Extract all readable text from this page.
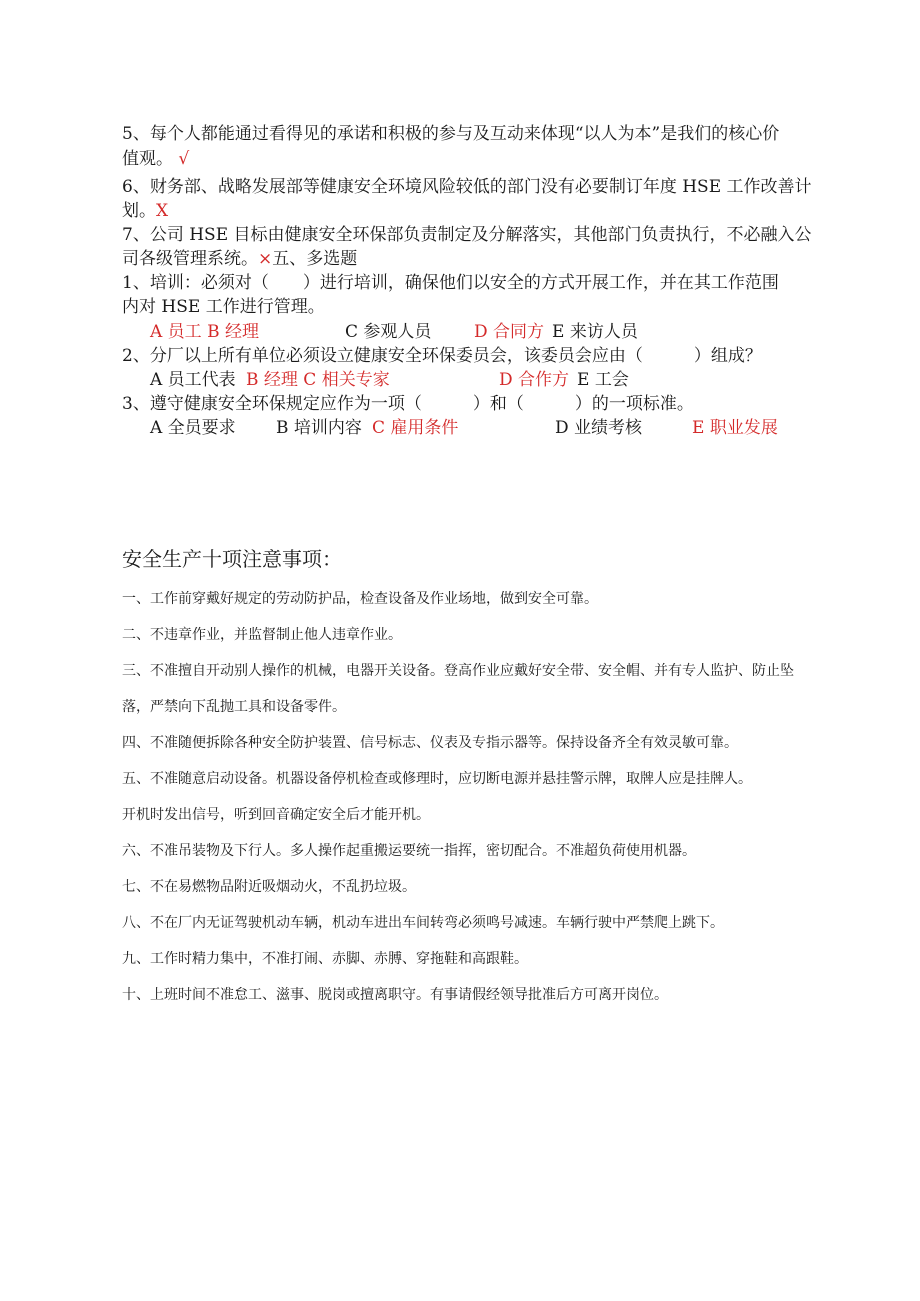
5、每个人都能通过看得见的承诺和积极的参与及互动来体现“以人为本”是我们的核心价
值观。 √
6、财务部、战略发展部等健康安全环境风险较低的部门没有必要制订年度 HSE 工作改善计
划。X
7、公司 HSE 目标由健康安全环保部负责制定及分解落实，其他部门负责执行，不必融入公
司各级管理系统。×五、多选题
1、培训：必须对（　　）进行培训，确保他们以安全的方式开展工作，并在其工作范围
内对 HSE 工作进行管理。
A 员工 B 经理	C 参观人员	D 合同方 E 来访人员
2、分厂以上所有单位必须设立健康安全环保委员会，该委员会应由（　　　）组成？
A 员工代表 B 经理 C 相关专家	D 合作方 E 工会
3、遵守健康安全环保规定应作为一项（　　　）和（　　　）的一项标准。
A 全员要求 B 培训内容 C 雇用条件	D 业绩考核	E 职业发展
安全生产十项注意事项：
一、工作前穿戴好规定的劳动防护品，检查设备及作业场地，做到安全可靠。
二、不违章作业，并监督制止他人违章作业。
三、不准擅自开动别人操作的机械，电器开关设备。登高作业应戴好安全带、安全帽、并有专人监护、防止坠
落，严禁向下乱抛工具和设备零件。
四、不准随便拆除各种安全防护装置、信号标志、仪表及专指示器等。保持设备齐全有效灵敏可靠。
五、不准随意启动设备。机器设备停机检查或修理时，应切断电源并悬挂警示牌，取牌人应是挂牌人。
开机时发出信号，听到回音确定安全后才能开机。
六、不准吊装物及下行人。多人操作起重搬运要统一指挥，密切配合。不准超负荷使用机器。
七、不在易燃物品附近吸烟动火，不乱扔垃圾。
八、不在厂内无证驾驶机动车辆，机动车进出车间转弯必须鸣号减速。车辆行驶中严禁爬上跳下。
九、工作时精力集中，不准打闹、赤脚、赤膊、穿拖鞋和高跟鞋。
十、上班时间不准怠工、滋事、脱岗或擅离职守。有事请假经领导批准后方可离开岗位。
